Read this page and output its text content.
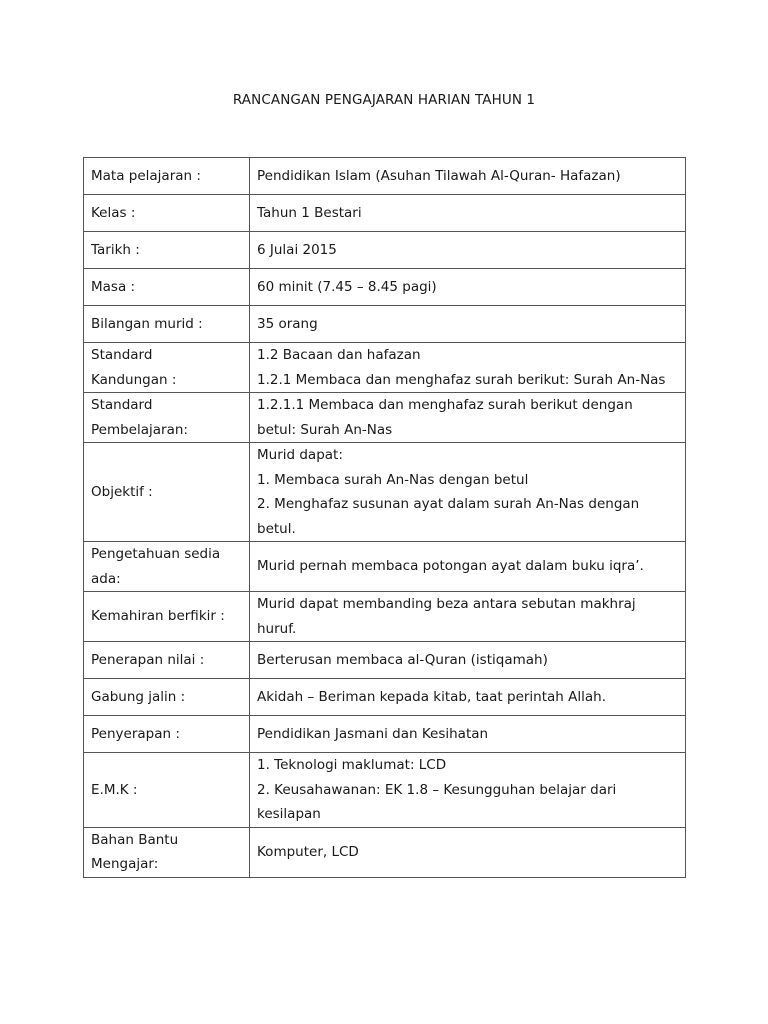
RANCANGAN PENGAJARAN HARIAN TAHUN 1
Mata pelajaran :	Pendidikan Islam (Asuhan Tilawah Al-Quran- Hafazan)

Kelas :	Tahun 1 Bestari

Tarikh :	6 Julai 2015

Masa :	60 minit (7.45 – 8.45 pagi)

Bilangan murid :	35 orang

Standard
Kandungan :	1.2 Bacaan dan hafazan
1.2.1 Membaca dan menghafaz surah berikut: Surah An-Nas

Standard
Pembelajaran:	1.2.1.1 Membaca dan menghafaz surah berikut dengan
betul: Surah An-Nas

Objektif :	Murid dapat:
1. Membaca surah An-Nas dengan betul
2. Menghafaz susunan ayat dalam surah An-Nas dengan
betul.

Pengetahuan sedia
ada:	Murid pernah membaca potongan ayat dalam buku iqra’.

Kemahiran berfikir :	Murid dapat membanding beza antara sebutan makhraj
huruf.

Penerapan nilai :	Berterusan membaca al-Quran (istiqamah)

Gabung jalin :	Akidah – Beriman kepada kitab, taat perintah Allah.

Penyerapan :	Pendidikan Jasmani dan Kesihatan

E.M.K :	1. Teknologi maklumat: LCD
2. Keusahawanan: EK 1.8 – Kesungguhan belajar dari
kesilapan

Bahan Bantu
Mengajar:	Komputer, LCD
